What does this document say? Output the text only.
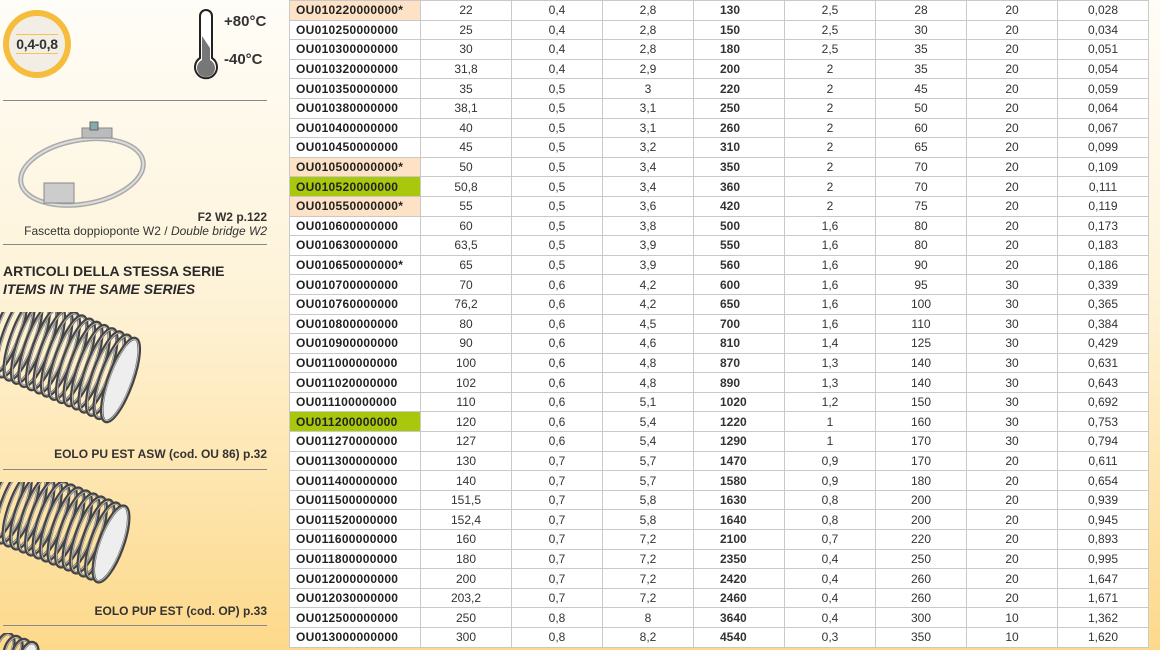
0,4-0,8
+80°C
-40°C
F2 W2 p.122
Fascetta doppioponte W2 / Double bridge W2
ARTICOLI DELLA STESSA SERIE
ITEMS IN THE SAME SERIES
EOLO PU EST ASW (cod. OU 86) p.32
EOLO PUP EST (cod. OP) p.33
OU010220000000*	22	0,4	2,8	130	2,5	28	20	0,028
OU010250000000	25	0,4	2,8	150	2,5	30	20	0,034
OU010300000000	30	0,4	2,8	180	2,5	35	20	0,051
OU010320000000	31,8	0,4	2,9	200	2	35	20	0,054
OU010350000000	35	0,5	3	220	2	45	20	0,059
OU010380000000	38,1	0,5	3,1	250	2	50	20	0,064
OU010400000000	40	0,5	3,1	260	2	60	20	0,067
OU010450000000	45	0,5	3,2	310	2	65	20	0,099
OU010500000000*	50	0,5	3,4	350	2	70	20	0,109
OU010520000000	50,8	0,5	3,4	360	2	70	20	0,111
OU010550000000*	55	0,5	3,6	420	2	75	20	0,119
OU010600000000	60	0,5	3,8	500	1,6	80	20	0,173
OU010630000000	63,5	0,5	3,9	550	1,6	80	20	0,183
OU010650000000*	65	0,5	3,9	560	1,6	90	20	0,186
OU010700000000	70	0,6	4,2	600	1,6	95	30	0,339
OU010760000000	76,2	0,6	4,2	650	1,6	100	30	0,365
OU010800000000	80	0,6	4,5	700	1,6	110	30	0,384
OU010900000000	90	0,6	4,6	810	1,4	125	30	0,429
OU011000000000	100	0,6	4,8	870	1,3	140	30	0,631
OU011020000000	102	0,6	4,8	890	1,3	140	30	0,643
OU011100000000	110	0,6	5,1	1020	1,2	150	30	0,692
OU011200000000	120	0,6	5,4	1220	1	160	30	0,753
OU011270000000	127	0,6	5,4	1290	1	170	30	0,794
OU011300000000	130	0,7	5,7	1470	0,9	170	20	0,611
OU011400000000	140	0,7	5,7	1580	0,9	180	20	0,654
OU011500000000	151,5	0,7	5,8	1630	0,8	200	20	0,939
OU011520000000	152,4	0,7	5,8	1640	0,8	200	20	0,945
OU011600000000	160	0,7	7,2	2100	0,7	220	20	0,893
OU011800000000	180	0,7	7,2	2350	0,4	250	20	0,995
OU012000000000	200	0,7	7,2	2420	0,4	260	20	1,647
OU012030000000	203,2	0,7	7,2	2460	0,4	260	20	1,671
OU012500000000	250	0,8	8	3640	0,4	300	10	1,362
OU013000000000	300	0,8	8,2	4540	0,3	350	10	1,620
